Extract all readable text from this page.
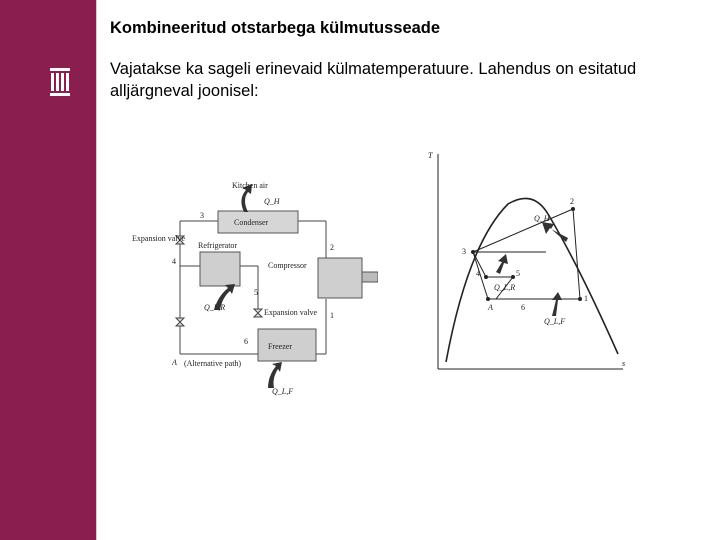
Kombineeritud otstarbega külmutusseade
Vajatakse ka sageli erinevaid külmatemperatuure. Lahendus on esitatud alljärgneval joonisel:
Condenser
Refrigerator
Compressor
Freezer
Expansion valve
Expansion valve
Kitchen air
Q_H
Q_L,R
Q_L,F
(Alternative path)
3
2
4
5
1
6
A
T
s
2
3
4	5
1
A	6
Q_H
Q_L,R
Q_L,F
